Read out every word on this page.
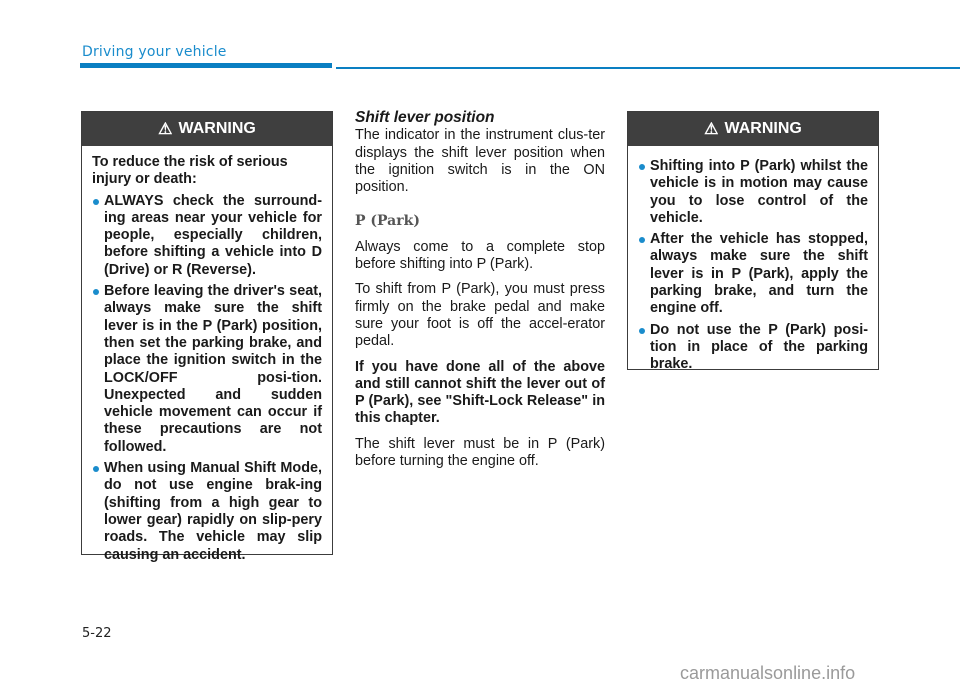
Driving your vehicle
⚠ WARNING
To reduce the risk of serious injury or death:
ALWAYS check the surround-ing areas near your vehicle for people, especially children, before shifting a vehicle into D (Drive) or R (Reverse).
Before leaving the driver's seat, always make sure the shift lever is in the P (Park) position, then set the parking brake, and place the ignition switch in the LOCK/OFF posi-tion. Unexpected and sudden vehicle movement can occur if these precautions are not followed.
When using Manual Shift Mode, do not use engine brak-ing (shifting from a high gear to lower gear) rapidly on slip-pery roads. The vehicle may slip causing an accident.
Shift lever position

The indicator in the instrument clus-ter displays the shift lever position when the ignition switch is in the ON position.

P (Park)

Always come to a complete stop before shifting into P (Park).

To shift from P (Park), you must press firmly on the brake pedal and make sure your foot is off the accel-erator pedal.

If you have done all of the above and still cannot shift the lever out of P (Park), see "Shift-Lock Release" in this chapter.

The shift lever must be in P (Park) before turning the engine off.

⚠ WARNING
Shifting into P (Park) whilst the vehicle is in motion may cause you to lose control of the vehicle.
After the vehicle has stopped, always make sure the shift lever is in P (Park), apply the parking brake, and turn the engine off.
Do not use the P (Park) posi-tion in place of the parking brake.
5-22
carmanualsonline.info
